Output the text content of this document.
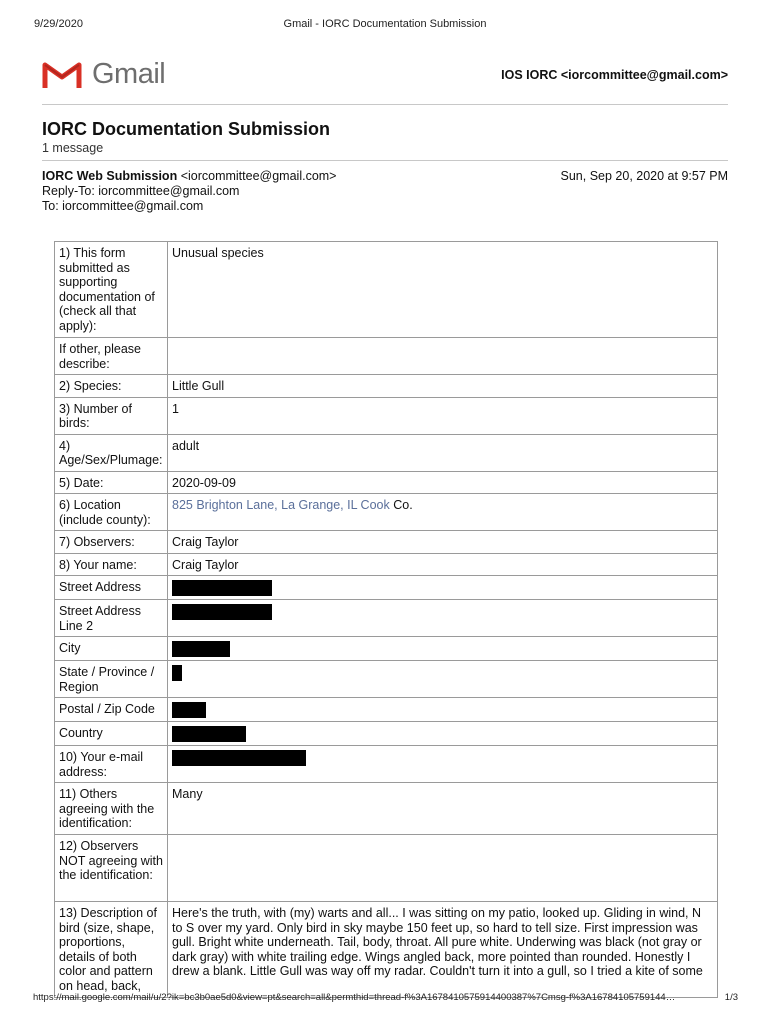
9/29/2020	Gmail - IORC Documentation Submission
Gmail	IOS IORC <iorcommittee@gmail.com>
IORC Documentation Submission
1 message
IORC Web Submission <iorcommittee@gmail.com>
Reply-To: iorcommittee@gmail.com
To: iorcommittee@gmail.com
Sun, Sep 20, 2020 at 9:57 PM
1) This form submitted as supporting documentation of (check all that apply):	Unusual species
If other, please describe:	
2) Species:	Little Gull
3) Number of birds:	1
4) Age/Sex/Plumage:	adult
5) Date:	2020-09-09
6) Location (include county):	825 Brighton Lane, La Grange, IL Cook Co.
7) Observers:	Craig Taylor
8) Your name:	Craig Taylor
Street Address	
Street Address Line 2	
City	
State / Province / Region	
Postal / Zip Code	
Country	
10) Your e-mail address:	
11) Others agreeing with the identification:	Many
12) Observers NOT agreeing with the identification:	
13) Description of bird (size, shape, proportions, details of both color and pattern on head, back,	Here's the truth, with (my) warts and all... I was sitting on my patio, looked up. Gliding in wind, N to S over my yard. Only bird in sky maybe 150 feet up, so hard to tell size. First impression was gull. Bright white underneath. Tail, body, throat. All pure white. Underwing was black (not gray or dark gray) with white trailing edge. Wings angled back, more pointed than rounded. Honestly I drew a blank. Little Gull was way off my radar. Couldn't turn it into a gull, so I tried a kite of some
https://mail.google.com/mail/u/2?ik=bc3b0ae5d0&view=pt&search=all&permthid=thread-f%3A1678410575914400387%7Cmsg-f%3A16784105759144…	1/3
